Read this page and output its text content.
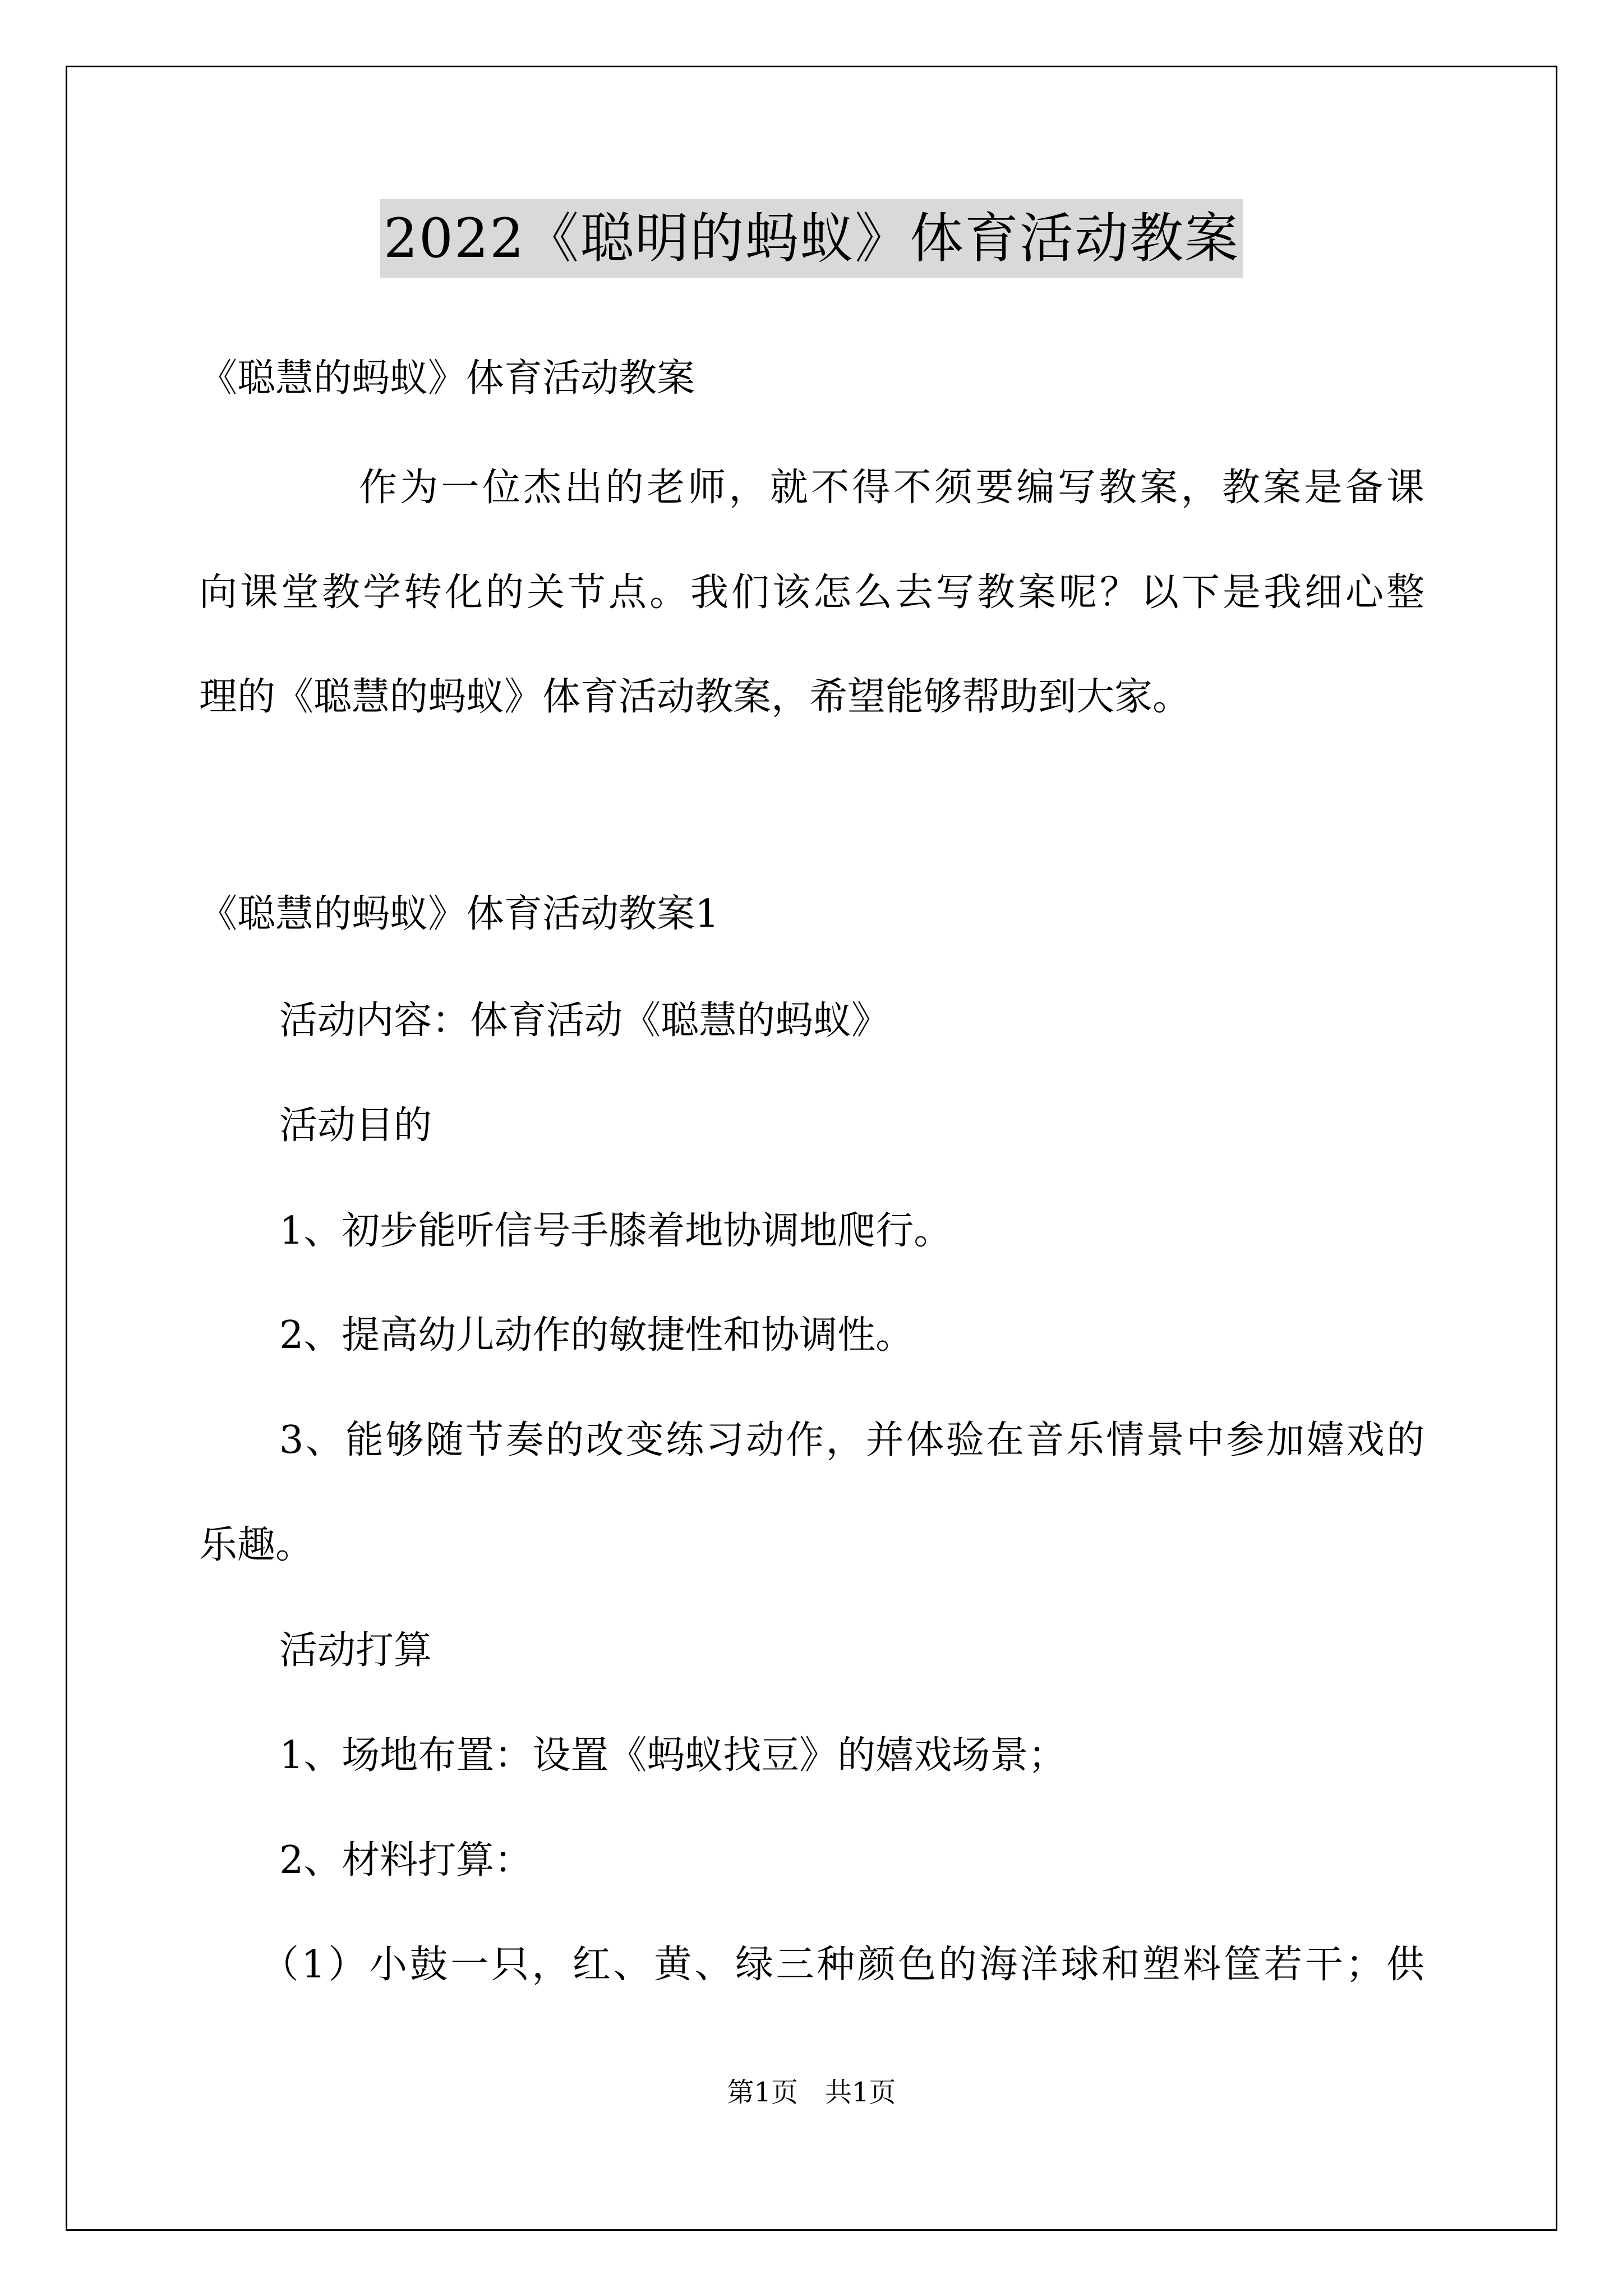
2022《聪明的蚂蚁》体育活动教案
《聪慧的蚂蚁》体育活动教案
作为一位杰出的老师，就不得不须要编写教案，教案是备课
向课堂教学转化的关节点。我们该怎么去写教案呢？以下是我细心整
理的《聪慧的蚂蚁》体育活动教案，希望能够帮助到大家。
《聪慧的蚂蚁》体育活动教案1
活动内容：体育活动《聪慧的蚂蚁》
活动目的
1、初步能听信号手膝着地协调地爬行。
2、提高幼儿动作的敏捷性和协调性。
3、能够随节奏的改变练习动作，并体验在音乐情景中参加嬉戏的
乐趣。
活动打算
1、场地布置：设置《蚂蚁找豆》的嬉戏场景；
2、材料打算：
（1）小鼓一只，红、黄、绿三种颜色的海洋球和塑料筐若干；供
第1页　共1页
